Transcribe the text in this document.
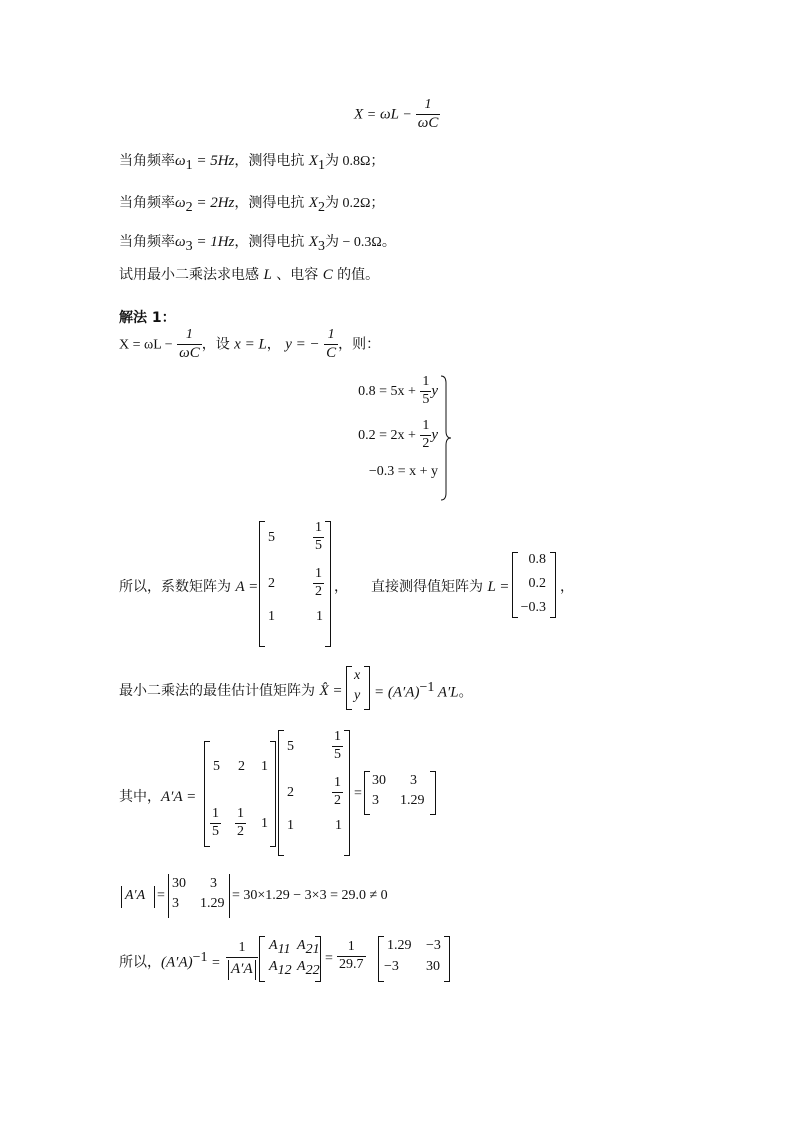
$X = \omega L - \frac{1}{\omega C}$
当角频率$\omega_1 = 5Hz$，测得电抗 $X_1$为 0.8Ω；
当角频率$\omega_2 = 2Hz$，测得电抗 $X_2$为 0.2Ω；
当角频率$\omega_3 = 1Hz$，测得电抗 $X_3$为 − 0.3Ω。
试用最小二乘法求电感 L 、电容 C 的值。
解法 1：
$X = \omega L - \frac{1}{\omega C}$ ，设 x = L， y = − $\frac{1}{C}$ ，则：
$0.8 = 5x + \frac{1}{5}$ y
$0.2 = 2x + \frac{1}{2}$ y
−0.3 = x + y
所以，系数矩阵为 A =
5	$\frac{1}{5}$
2	$\frac{1}{2}$
1	1
， 直接测得值矩阵为 L =
0.8
0.2
−0.3
，
最小二乘法的最佳估计值矩阵为 X̂ =
x
$y = (A'A)^{-1}$ A′L。
其中，A′A =
5 2 1
$\frac{1}{5} \frac{1}{2} 1$
5	$\frac{1}{5}$
2	$\frac{1}{2}$
1	1
=
30 3
3 1.29
A′A =
30 3
3 1.29
= 30×1.29 − 3×3 = 29.0 ≠ 0
所以，$(A'A)^{-1}$ =
1
A′A
$A_{11}$ $A_{21}$
$A_{12}$ $A_{22}$
= $\frac{1}{29.7} 1.29 -3$
−3 30
